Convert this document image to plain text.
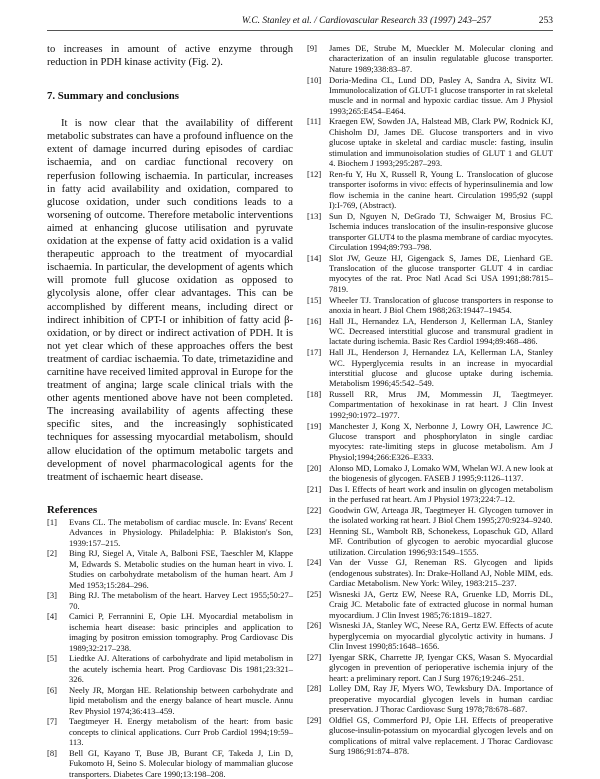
W.C. Stanley et al. / Cardiovascular Research 33 (1997) 243–257	253

to increases in amount of active enzyme through reduction in PDH kinase activity (Fig. 2).

7. Summary and conclusions

It is now clear that the availability of different metabolic substrates can have a profound influence on the extent of damage incurred during episodes of cardiac ischaemia, and on cardiac functional recovery on reperfusion following ischaemia. In particular, increases in fatty acid availability and oxidation, compared to glucose oxidation, under such conditions leads to a worsening of outcome. Therefore metabolic interventions aimed at enhancing glucose utilisation and pyruvate oxidation at the expense of fatty acid oxidation is a valid therapeutic approach to the treatment of myocardial ischaemia. In particular, the development of agents which will promote full glucose oxidation as opposed to glycolysis alone, offer clear advantages. This can be accomplished by different means, including direct or indirect inhibition of CPT-I or inhibition of fatty acid β-oxidation, or by direct or indirect activation of PDH. It is not yet clear which of these approaches offers the best treatment of cardiac ischaemia. To date, trimetazidine and carnitine have received limited approval in Europe for the treatment of angina; large scale clinical trials with the other agents mentioned above have not been completed. The increasing availability of agents affecting these specific sites, and the increasingly sophisticated techniques for assessing myocardial metabolism, should allow elucidation of the optimum metabolic targets and development of novel pharmacological agents for the treatment of ischaemic heart disease.

References
[1]	Evans CL. The metabolism of cardiac muscle. In: Evans' Recent Advances in Physiology. Philadelphia: P. Blakiston's Son, 1939:157–215.
[2]	Bing RJ, Siegel A, Vitale A, Balboni FSE, Taeschler M, Klappe M, Edwards S. Metabolic studies on the human heart in vivo. I. Studies on carbohydrate metabolism of the human heart. Am J Med 1953;15:284–296.
[3]	Bing RJ. The metabolism of the heart. Harvey Lect 1955;50:27–70.
[4]	Camici P, Ferrannini E, Opie LH. Myocardial metabolism in ischemia heart disease: basic principles and application to imaging by positron emission tomography. Prog Cardiovasc Dis 1989;32:217–238.
[5]	Liedtke AJ. Alterations of carbohydrate and lipid metabolism in the acutely ischemia heart. Prog Cardiovasc Dis 1981;23:321–326.
[6]	Neely JR, Morgan HE. Relationship between carbohydrate and lipid metabolism and the energy balance of heart muscle. Annu Rev Physiol 1974;36:413–459.
[7]	Taegtmeyer H. Energy metabolism of the heart: from basic concepts to clinical applications. Curr Prob Cardiol 1994;19:59–113.
[8]	Bell GI, Kayano T, Buse JB, Burant CF, Takeda J, Lin D, Fukomoto H, Seino S. Molecular biology of mammalian glucose transporters. Diabetes Care 1990;13:198–208.
[9]	James DE, Strube M, Mueckler M. Molecular cloning and characterization of an insulin regulatable glucose transporter. Nature 1989;338:83–87.
[10] Doria-Medina CL, Lund DD, Pasley A, Sandra A, Sivitz WI. Immunolocalization of GLUT-1 glucose transporter in rat skeletal muscle and in normal and hypoxic cardiac tissue. Am J Physiol 1993;265:E454–E464.
[11] Kraegen EW, Sowden JA, Halstead MB, Clark PW, Rodnick KJ, Chisholm DJ, James DE. Glucose transporters and in vivo glucose uptake in skeletal and cardiac muscle: fasting, insulin stimulation and immunoisolation studies of GLUT 1 and GLUT 4. Biochem J 1993;295:287–293.
[12] Ren-fu Y, Hu X, Russell R, Young L. Translocation of glucose transporter isoforms in vivo: effects of hyperinsulinemia and low flow ischemia in the canine heart. Circulation 1995;92 (suppl I):I-769, (Abstract).
[13] Sun D, Nguyen N, DeGrado TJ, Schwaiger M, Brosius FC. Ischemia induces translocation of the insulin-responsive glucose transporter GLUT4 to the plasma membrane of cardiac myocytes. Circulation 1994;89:793–798.
[14] Slot JW, Geuze HJ, Gigengack S, James DE, Lienhard GE. Translocation of the glucose transporter GLUT 4 in cardiac myocytes of the rat. Proc Natl Acad Sci USA 1991;88:7815–7819.
[15] Wheeler TJ. Translocation of glucose transporters in response to anoxia in heart. J Biol Chem 1988;263:19447–19454.
[16] Hall JL, Hernandez LA, Henderson J, Kellerman LA, Stanley WC. Decreased interstitial glucose and transmural gradient in lactate during ischemia. Basic Res Cardiol 1994;89:468–486.
[17] Hall JL, Henderson J, Hernandez LA, Kellerman LA, Stanley WC. Hyperglycemia results in an increase in myocardial interstitial glucose and glucose uptake during ischemia. Metabolism 1996;45:542–549.
[18] Russell RR, Mrus JM, Mommessin JI, Taegtmeyer. Compartmentation of hexokinase in rat heart. J Clin Invest 1992;90:1972–1977.
[19] Manchester J, Kong X, Nerbonne J, Lowry OH, Lawrence JC. Glucose transport and phosphorylaton in single cardiac myocytes: rate-limiting steps in glucose metabolism. Am J Physiol;1994;266:E326–E333.
[20] Alonso MD, Lomako J, Lomako WM, Whelan WJ. A new look at the biogenesis of glycogen. FASEB J 1995;9:1126–1137.
[21] Das I. Effects of heart work and insulin on glycogen metabolism in the perfused rat heart. Am J Physiol 1973;224:7–12.
[22] Goodwin GW, Arteaga JR, Taegtmeyer H. Glycogen turnover in the isolated working rat heart. J Biol Chem 1995;270:9234–9240.
[23] Henning SL, Wambolt RB, Schonekess, Lopaschuk GD, Allard MF. Contribution of glycogen to aerobic myocardial glucose utilization. Circulation 1996;93:1549–1555.
[24] Van der Vusse GJ, Reneman RS. Glycogen and lipids (endogenous substrates). In: Drake-Holland AJ, Noble MIM, eds. Cardiac Metabolism. New York: Wiley, 1983:215–237.
[25] Wisneski JA, Gertz EW, Neese RA, Gruenke LD, Morris DL, Craig JC. Metabolic fate of extracted glucose in normal human myocardium. J Clin Invest 1985;76:1819–1827.
[26] Wisneski JA, Stanley WC, Neese RA, Gertz EW. Effects of acute hyperglycemia on myocardial glycolytic activity in humans. J Clin Invest 1990;85:1648–1656.
[27] Iyengar SRK, Charrette JP, Iyengar CKS, Wasan S. Myocardial glycogen in prevention of perioperative ischemia injury of the heart: a preliminary report. Can J Surg 1976;19:246–251.
[28] Lolley DM, Ray JF, Myers WO, Tewksbury DA. Importance of preoperative myocardial glycogen levels in human cardiac preservation. J Thorac Cardiovasc Surg 1978;78:678–687.
[29] Oldfiel GS, Commerford PJ, Opie LH. Effects of preoperative glucose-insulin-potassium on myocardial glycogen levels and on complications of mitral valve replacement. J Thorac Cardiovasc Surg 1986;91:874–878.
